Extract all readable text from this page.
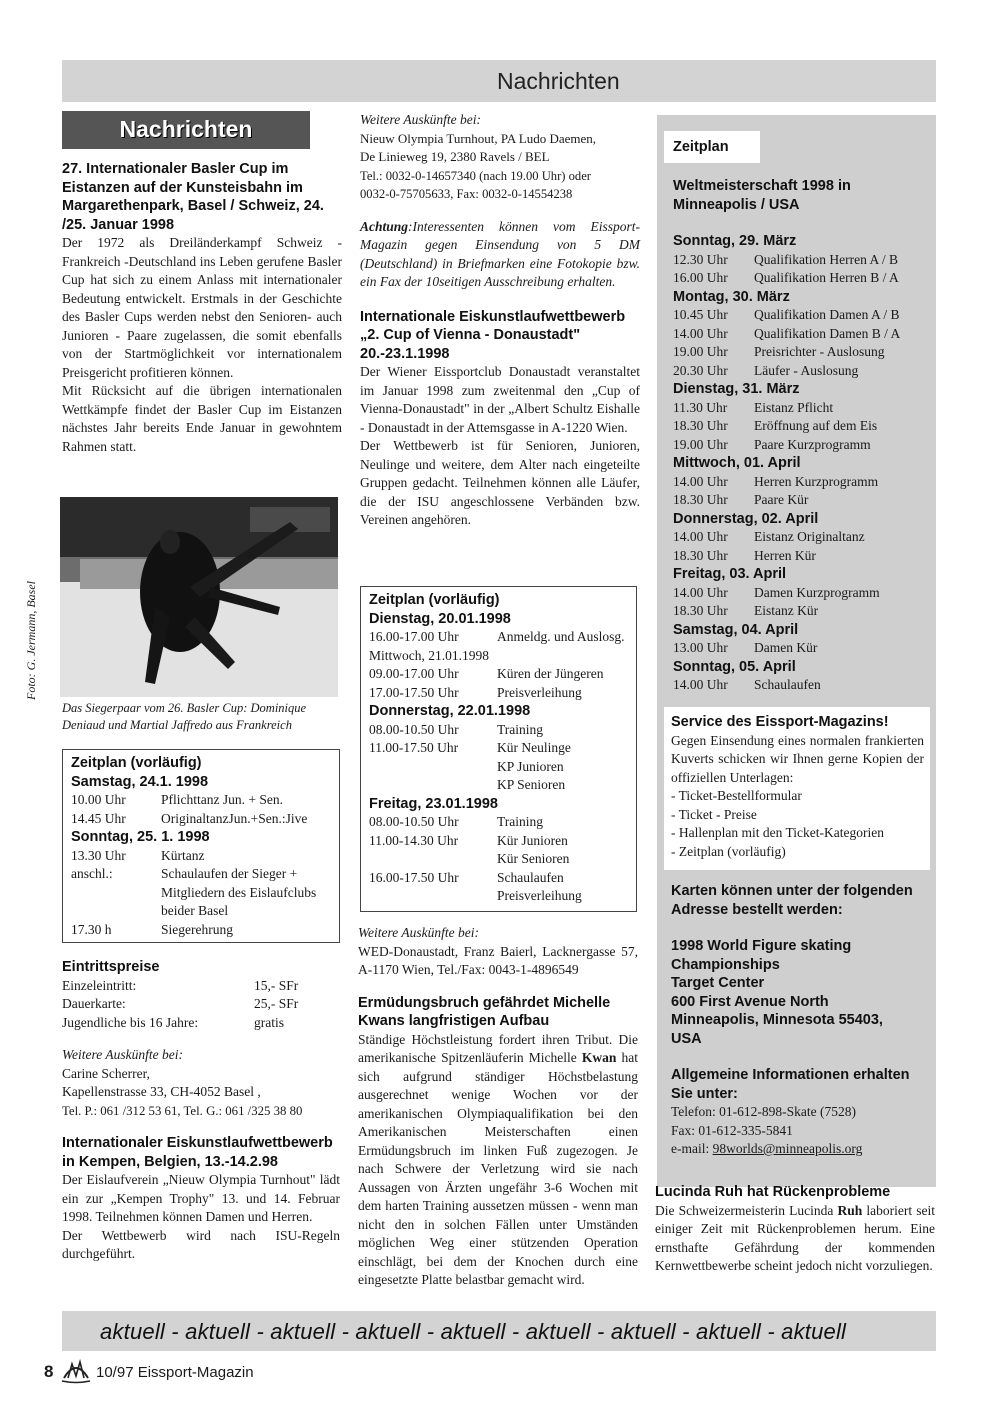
Nachrichten
Nachrichten
27. Internationaler Basler Cup im Eistanzen auf der Kunsteisbahn im Margarethenpark, Basel / Schweiz, 24. /25. Januar 1998
Der 1972 als Dreiländerkampf Schweiz - Frankreich -Deutschland ins Leben gerufene Basler Cup hat sich zu einem Anlass mit internationaler Bedeutung entwickelt. Erstmals in der Geschichte des Basler Cups werden nebst den Senioren- auch Junioren - Paare zugelassen, die somit ebenfalls von der Startmöglichkeit vor internationalem Preisgericht profitieren können.
Mit Rücksicht auf die übrigen internationalen Wettkämpfe findet der Basler Cup im Eistanzen nächstes Jahr bereits Ende Januar in gewohntem Rahmen statt.
Foto: G. Jermann, Basel
Das Siegerpaar vom 26. Basler Cup: Dominique Deniaud und Martial Jaffredo aus Frankreich
Zeitplan (vorläufig)
Samstag, 24.1. 1998
10.00 Uhr	Pflichttanz Jun. + Sen.
14.45 Uhr	OriginaltanzJun.+Sen.:Jive
Sonntag, 25. 1. 1998
13.30 Uhr	Kürtanz
anschl.:	Schaulaufen der Sieger + Mitgliedern des Eislaufclubs beider Basel
17.30 h	Siegerehrung
Eintrittspreise
Einzeleintritt:	15,- SFr
Dauerkarte:	25,- SFr
Jugendliche bis 16 Jahre:	gratis
Weitere Auskünfte bei:
Carine Scherrer,
Kapellenstrasse 33, CH-4052 Basel ,
Tel. P.: 061 /312 53 61, Tel. G.: 061 /325 38 80
Internationaler Eiskunstlaufwettbewerb in Kempen, Belgien, 13.-14.2.98
Der Eislaufverein „Nieuw Olympia Turnhout" lädt ein zur „Kempen Trophy" 13. und 14. Februar 1998. Teilnehmen können Damen und Herren.
Der Wettbewerb wird nach ISU-Regeln durchgeführt.
Weitere Auskünfte bei:
Nieuw Olympia Turnhout, PA Ludo Daemen,
De Linieweg 19, 2380 Ravels / BEL
Tel.: 0032-0-14657340 (nach 19.00 Uhr) oder
0032-0-75705633, Fax: 0032-0-14554238
Achtung:Interessenten können vom Eissport-Magazin gegen Einsendung von 5 DM (Deutschland) in Briefmarken eine Fotokopie bzw. ein Fax der 10seitigen Ausschreibung erhalten.
Internationale Eiskunstlaufwettbewerb „2. Cup of Vienna - Donaustadt" 20.-23.1.1998
Der Wiener Eissportclub Donaustadt veranstaltet im Januar 1998 zum zweitenmal den „Cup of Vienna-Donaustadt" in der „Albert Schultz Eishalle - Donaustadt in der Attemsgasse in A-1220 Wien.
Der Wettbewerb ist für Senioren, Junioren, Neulinge und weitere, dem Alter nach eingeteilte Gruppen gedacht. Teilnehmen können alle Läufer, die der ISU angeschlossene Verbänden bzw. Vereinen angehören.
Zeitplan (vorläufig)
Dienstag, 20.01.1998
16.00-17.00 Uhr	Anmeldg. und Auslosg.
Mittwoch, 21.01.1998
09.00-17.00 Uhr	Küren der Jüngeren
17.00-17.50 Uhr	Preisverleihung
Donnerstag, 22.01.1998
08.00-10.50 Uhr	Training
11.00-17.50 Uhr	Kür Neulinge
KP Junioren
KP Senioren
Freitag, 23.01.1998
08.00-10.50 Uhr	Training
11.00-14.30 Uhr	Kür Junioren
Kür Senioren
16.00-17.50 Uhr	Schaulaufen
Preisverleihung
Weitere Auskünfte bei:
WED-Donaustadt, Franz Baierl, Lacknergasse 57, A-1170 Wien, Tel./Fax: 0043-1-4896549
Ermüdungsbruch gefährdet Michelle Kwans langfristigen Aufbau
Ständige Höchstleistung fordert ihren Tribut. Die amerikanische Spitzenläuferin Michelle Kwan hat sich aufgrund ständiger Höchstbelastung ausgerechnet wenige Wochen vor der amerikanischen Olympiaqualifikation bei den Amerikanischen Meisterschaften einen Ermüdungsbruch im linken Fuß zugezogen. Je nach Schwere der Verletzung wird sie nach Aussagen von Ärzten ungefähr 3-6 Wochen mit dem harten Training aussetzen müssen - wenn man nicht den in solchen Fällen unter Umständen möglichen Weg einer stützenden Operation einschlägt, bei dem der Knochen durch eine eingesetzte Platte belastbar gemacht wird.
Zeitplan
Weltmeisterschaft 1998 in Minneapolis / USA
Sonntag, 29. März
12.30 Uhr	Qualifikation Herren A / B
16.00 Uhr	Qualifikation Herren B / A
Montag, 30. März
10.45 Uhr	Qualifikation Damen A / B
14.00 Uhr	Qualifikation Damen B / A
19.00 Uhr	Preisrichter - Auslosung
20.30 Uhr	Läufer - Auslosung
Dienstag, 31. März
11.30 Uhr	Eistanz Pflicht
18.30 Uhr	Eröffnung auf dem Eis
19.00 Uhr	Paare Kurzprogramm
Mittwoch, 01. April
14.00 Uhr	Herren Kurzprogramm
18.30 Uhr	Paare Kür
Donnerstag, 02. April
14.00 Uhr	Eistanz Originaltanz
18.30 Uhr	Herren Kür
Freitag, 03. April
14.00 Uhr	Damen Kurzprogramm
18.30 Uhr	Eistanz Kür
Samstag, 04. April
13.00 Uhr	Damen Kür
Sonntag, 05. April
14.00 Uhr	Schaulaufen
Service des Eissport-Magazins!
Gegen Einsendung eines normalen frankierten Kuverts schicken wir Ihnen gerne Kopien der offiziellen Unterlagen:
- Ticket-Bestellformular
- Ticket - Preise
- Hallenplan mit den Ticket-Kategorien
- Zeitplan (vorläufig)
Karten können unter der folgenden Adresse bestellt werden:
1998 World Figure skating
Championships
Target Center
600 First Avenue North
Minneapolis, Minnesota 55403,
USA
Allgemeine Informationen erhalten Sie unter:
Telefon: 01-612-898-Skate (7528)
Fax: 01-612-335-5841
e-mail: 98worlds@minneapolis.org
Lucinda Ruh hat Rückenprobleme
Die Schweizermeisterin Lucinda Ruh laboriert seit einiger Zeit mit Rückenproblemen herum. Eine ernsthafte Gefährdung der kommenden Kernwettbewerbe scheint jedoch nicht vorzuliegen.
aktuell - aktuell - aktuell - aktuell - aktuell - aktuell - aktuell - aktuell - aktuell
8	10/97 Eissport-Magazin
